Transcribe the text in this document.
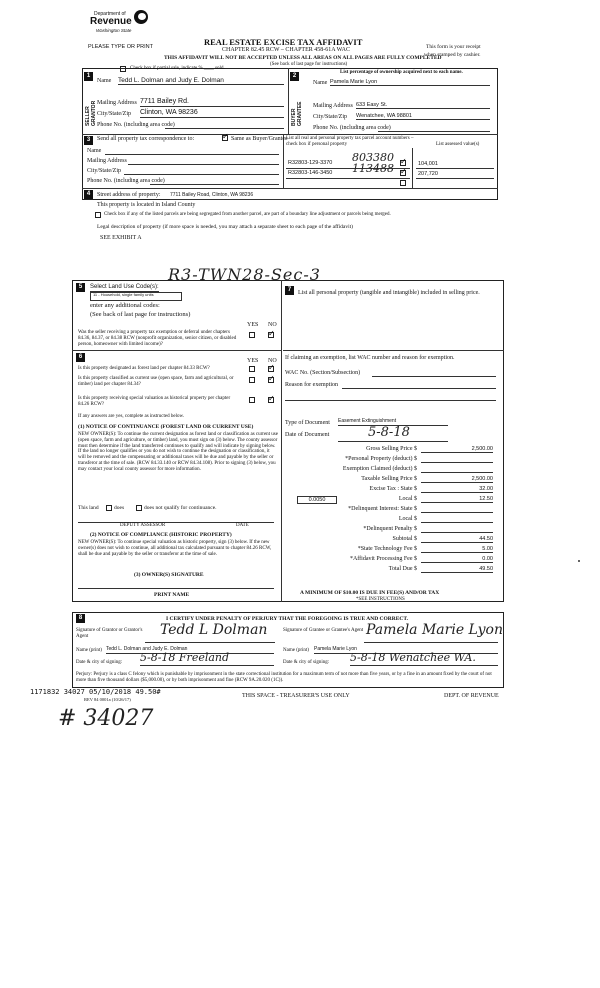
Department of
Revenue
Washington State
PLEASE TYPE OR PRINT	REAL ESTATE EXCISE TAX AFFIDAVIT
CHAPTER 82.45 RCW – CHAPTER 458-61A WAC
THIS AFFIDAVIT WILL NOT BE ACCEPTED UNLESS ALL AREAS ON ALL PAGES ARE FULLY COMPLETED
(See back of last page for instructions)
This form is your receipt
when stamped by cashier.
1
Check box if partial sale, indicate % ____ sold.
SELLER GRANTOR
Name Tedd L. Dolman and Judy E. Dolman
Mailing Address 7711 Bailey Rd.
City/State/Zip Clinton, WA 98236
Phone No. (including area code)
2
List percentage of ownership acquired next to each name.
BUYER GRANTEE
Name Pamela Marie Lyon
Mailing Address 633 Easy St.
City/State/Zip Wenatchee, WA 98801
Phone No. (including area code)
3	Send all property tax correspondence to: ✓	Same as Buyer/Grantee
Name
Mailing Address
City/State/Zip
Phone No. (including area code)
List all real and personal property tax parcel account numbers – check box if personal property	List assessed value(s)
R32803-129-3370 803380 ✓	104,001
R32803-146-3450 113488 ✓	207,720
4	Street address of property: 7711 Bailey Road, Clinton, WA 98236
This property is located in Island County
Check box if any of the listed parcels are being segregated from another parcel, are part of a boundary line adjustment or parcels being merged.
Legal description of property (if more space is needed, you may attach a separate sheet to each page of the affidavit)
SEE EXHIBIT A
R3-TWN28-Sec-3
5	Select Land Use Code(s):
11 - Household, single family units
enter any additional codes:
(See back of last page for instructions)
YES NO
Was the seller receiving a property tax exemption or deferral under chapters 84.36, 84.37, or 84.38 RCW (nonprofit organization, senior citizen, or disabled person, homeowner with limited income)?
✓
6
YES NO
Is this property designated as forest land per chapter 84.33 RCW?
✓
Is this property classified as current use (open space, farm and agricultural, or timber) land per chapter 84.34?
✓
Is this property receiving special valuation as historical property per chapter 84.26 RCW?
✓
If any answers are yes, complete as instructed below.
(1) NOTICE OF CONTINUANCE (FOREST LAND OR CURRENT USE)
NEW OWNER(S): To continue the current designation as forest land or classification as current use (open space, farm and agriculture, or timber) land, you must sign on (3) below. The county assessor must then determine if the land transferred continues to qualify and will indicate by signing below. If the land no longer qualifies or you do not wish to continue the designation or classification, it will be removed and the compensating or additional taxes will be due and payable by the seller or transferor at the time of sale. (RCW 84.33.140 or RCW 84.34.108). Prior to signing (3) below, you may contact your local county assessor for more information.
This land	does	does not qualify for continuance.
DEPUTY ASSESSOR	DATE
(2) NOTICE OF COMPLIANCE (HISTORIC PROPERTY)
NEW OWNER(S): To continue special valuation as historic property, sign (3) below. If the new owner(s) does not wish to continue, all additional tax calculated pursuant to chapter 84.26 RCW, shall be due and payable by the seller or transferor at the time of sale.
(3) OWNER(S) SIGNATURE
PRINT NAME
7	List all personal property (tangible and intangible) included in selling price.
If claiming an exemption, list WAC number and reason for exemption.
WAC No. (Section/Subsection)
Reason for exemption
Type of Document Easement Extinguishment
Date of Document	5-8-18
Gross Selling Price $	2,500.00
*Personal Property (deduct) $
Exemption Claimed (deduct) $
Taxable Selling Price $	2,500.00
Excise Tax : State $	32.00
0.0050	Local $	12.50
*Delinquent Interest: State $
Local $
*Delinquent Penalty $
Subtotal $	44.50
*State Technology Fee $	5.00
*Affidavit Processing Fee $	0.00
Total Due $	49.50
A MINIMUM OF $10.00 IS DUE IN FEE(S) AND/OR TAX
*SEE INSTRUCTIONS
8	I CERTIFY UNDER PENALTY OF PERJURY THAT THE FOREGOING IS TRUE AND CORRECT.
Signature of Grantor or Grantor's Agent	Tedd L Dolman
Name (print) Tedd L. Dolman and Judy E. Dolman
Date & city of signing: 5-8-18 Freeland
Signature of Grantee or Grantee's Agent Pamela Marie Lyon
Name (print) Pamela Marie Lyon
Date & city of signing: 5-8-18 Wenatchee WA.
Perjury: Perjury is a class C felony which is punishable by imprisonment in the state correctional institution for a maximum term of not more than five years, or by a fine in an amount fixed by the court of not more than five thousand dollars ($5,000.00), or by both imprisonment and fine (RCW 9A.20.020 (1C)).
1171832 34027 05/10/2018 49.50#
REV 84 0001a (10/26/17)
THIS SPACE - TREASURER'S USE ONLY	DEPT. OF REVENUE
# 34027
